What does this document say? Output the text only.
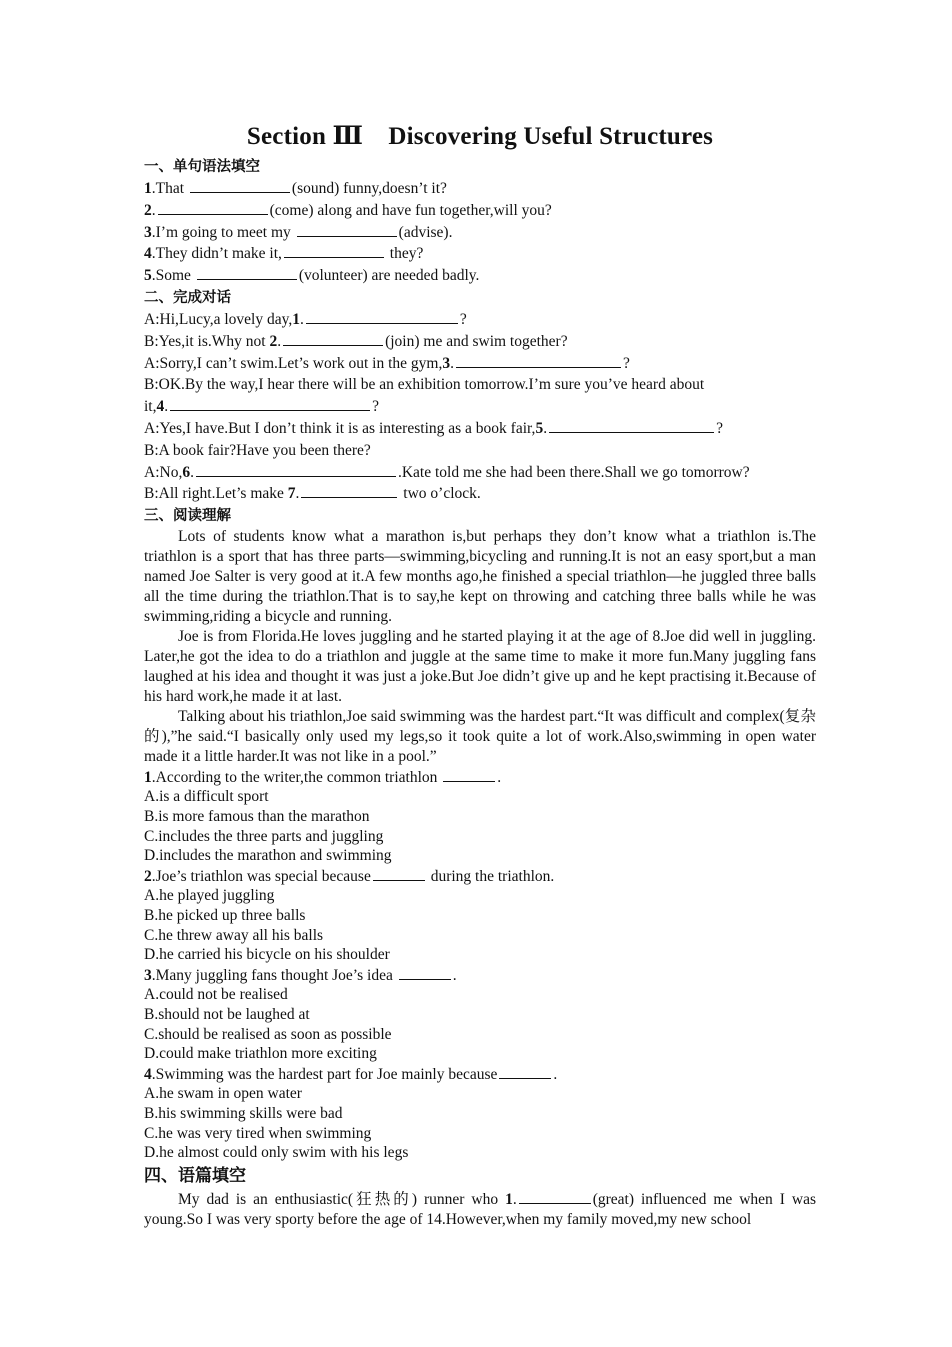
Section Ⅲ　Discovering Useful Structures
一、单句语法填空
1.That	(sound) funny,doesn’t it?
2.	(come) along and have fun together,will you?
3.I’m going to meet my	(advise).
4.They didn’t make it,	they?
5.Some	(volunteer) are needed badly.
二、完成对话
A:Hi,Lucy,a lovely day,1.	?
B:Yes,it is.Why not 2.	(join) me and swim together?
A:Sorry,I can’t swim.Let’s work out in the gym,3.	?
B:OK.By the way,I hear there will be an exhibition tomorrow.I’m sure you’ve heard about
it,4.	?
A:Yes,I have.But I don’t think it is as interesting as a book fair,5.	?
B:A book fair?Have you been there?
A:No,6.	.Kate told me she had been there.Shall we go tomorrow?
B:All right.Let’s make 7.	two o’clock.
三、阅读理解

Lots of students know what a marathon is,but perhaps they don’t know what a triathlon is.The triathlon is a sport that has three parts—swimming,bicycling and running.It is not an easy sport,but a man named Joe Salter is very good at it.A few months ago,he finished a special triathlon—he juggled three balls all the time during the triathlon.That is to say,he kept on throwing and catching three balls while he was swimming,riding a bicycle and running.

Joe is from Florida.He loves juggling and he started playing it at the age of 8.Joe did well in juggling. Later,he got the idea to do a triathlon and juggle at the same time to make it more fun.Many juggling fans laughed at his idea and thought it was just a joke.But Joe didn’t give up and he kept practising it.Because of his hard work,he made it at last.

Talking about his triathlon,Joe said swimming was the hardest part.“It was difficult and complex(复杂的),”he said.“I basically only used my legs,so it took quite a lot of work.Also,swimming in open water made it a little harder.It was not like in a pool.”

1.According to the writer,the common triathlon	.
A.is a difficult sport
B.is more famous than the marathon
C.includes the three parts and juggling
D.includes the marathon and swimming
2.Joe’s triathlon was special because	during the triathlon.
A.he played juggling
B.he picked up three balls
C.he threw away all his balls
D.he carried his bicycle on his shoulder
3.Many juggling fans thought Joe’s idea	.
A.could not be realised
B.should not be laughed at
C.should be realised as soon as possible
D.could make triathlon more exciting
4.Swimming was the hardest part for Joe mainly because	.
A.he swam in open water
B.his swimming skills were bad
C.he was very tired when swimming
D.he almost could only swim with his legs
四、语篇填空

My dad is an enthusiastic(狂热的) runner who 1.	(great) influenced me when I was young.So I was very sporty before the age of 14.However,when my family moved,my new school
